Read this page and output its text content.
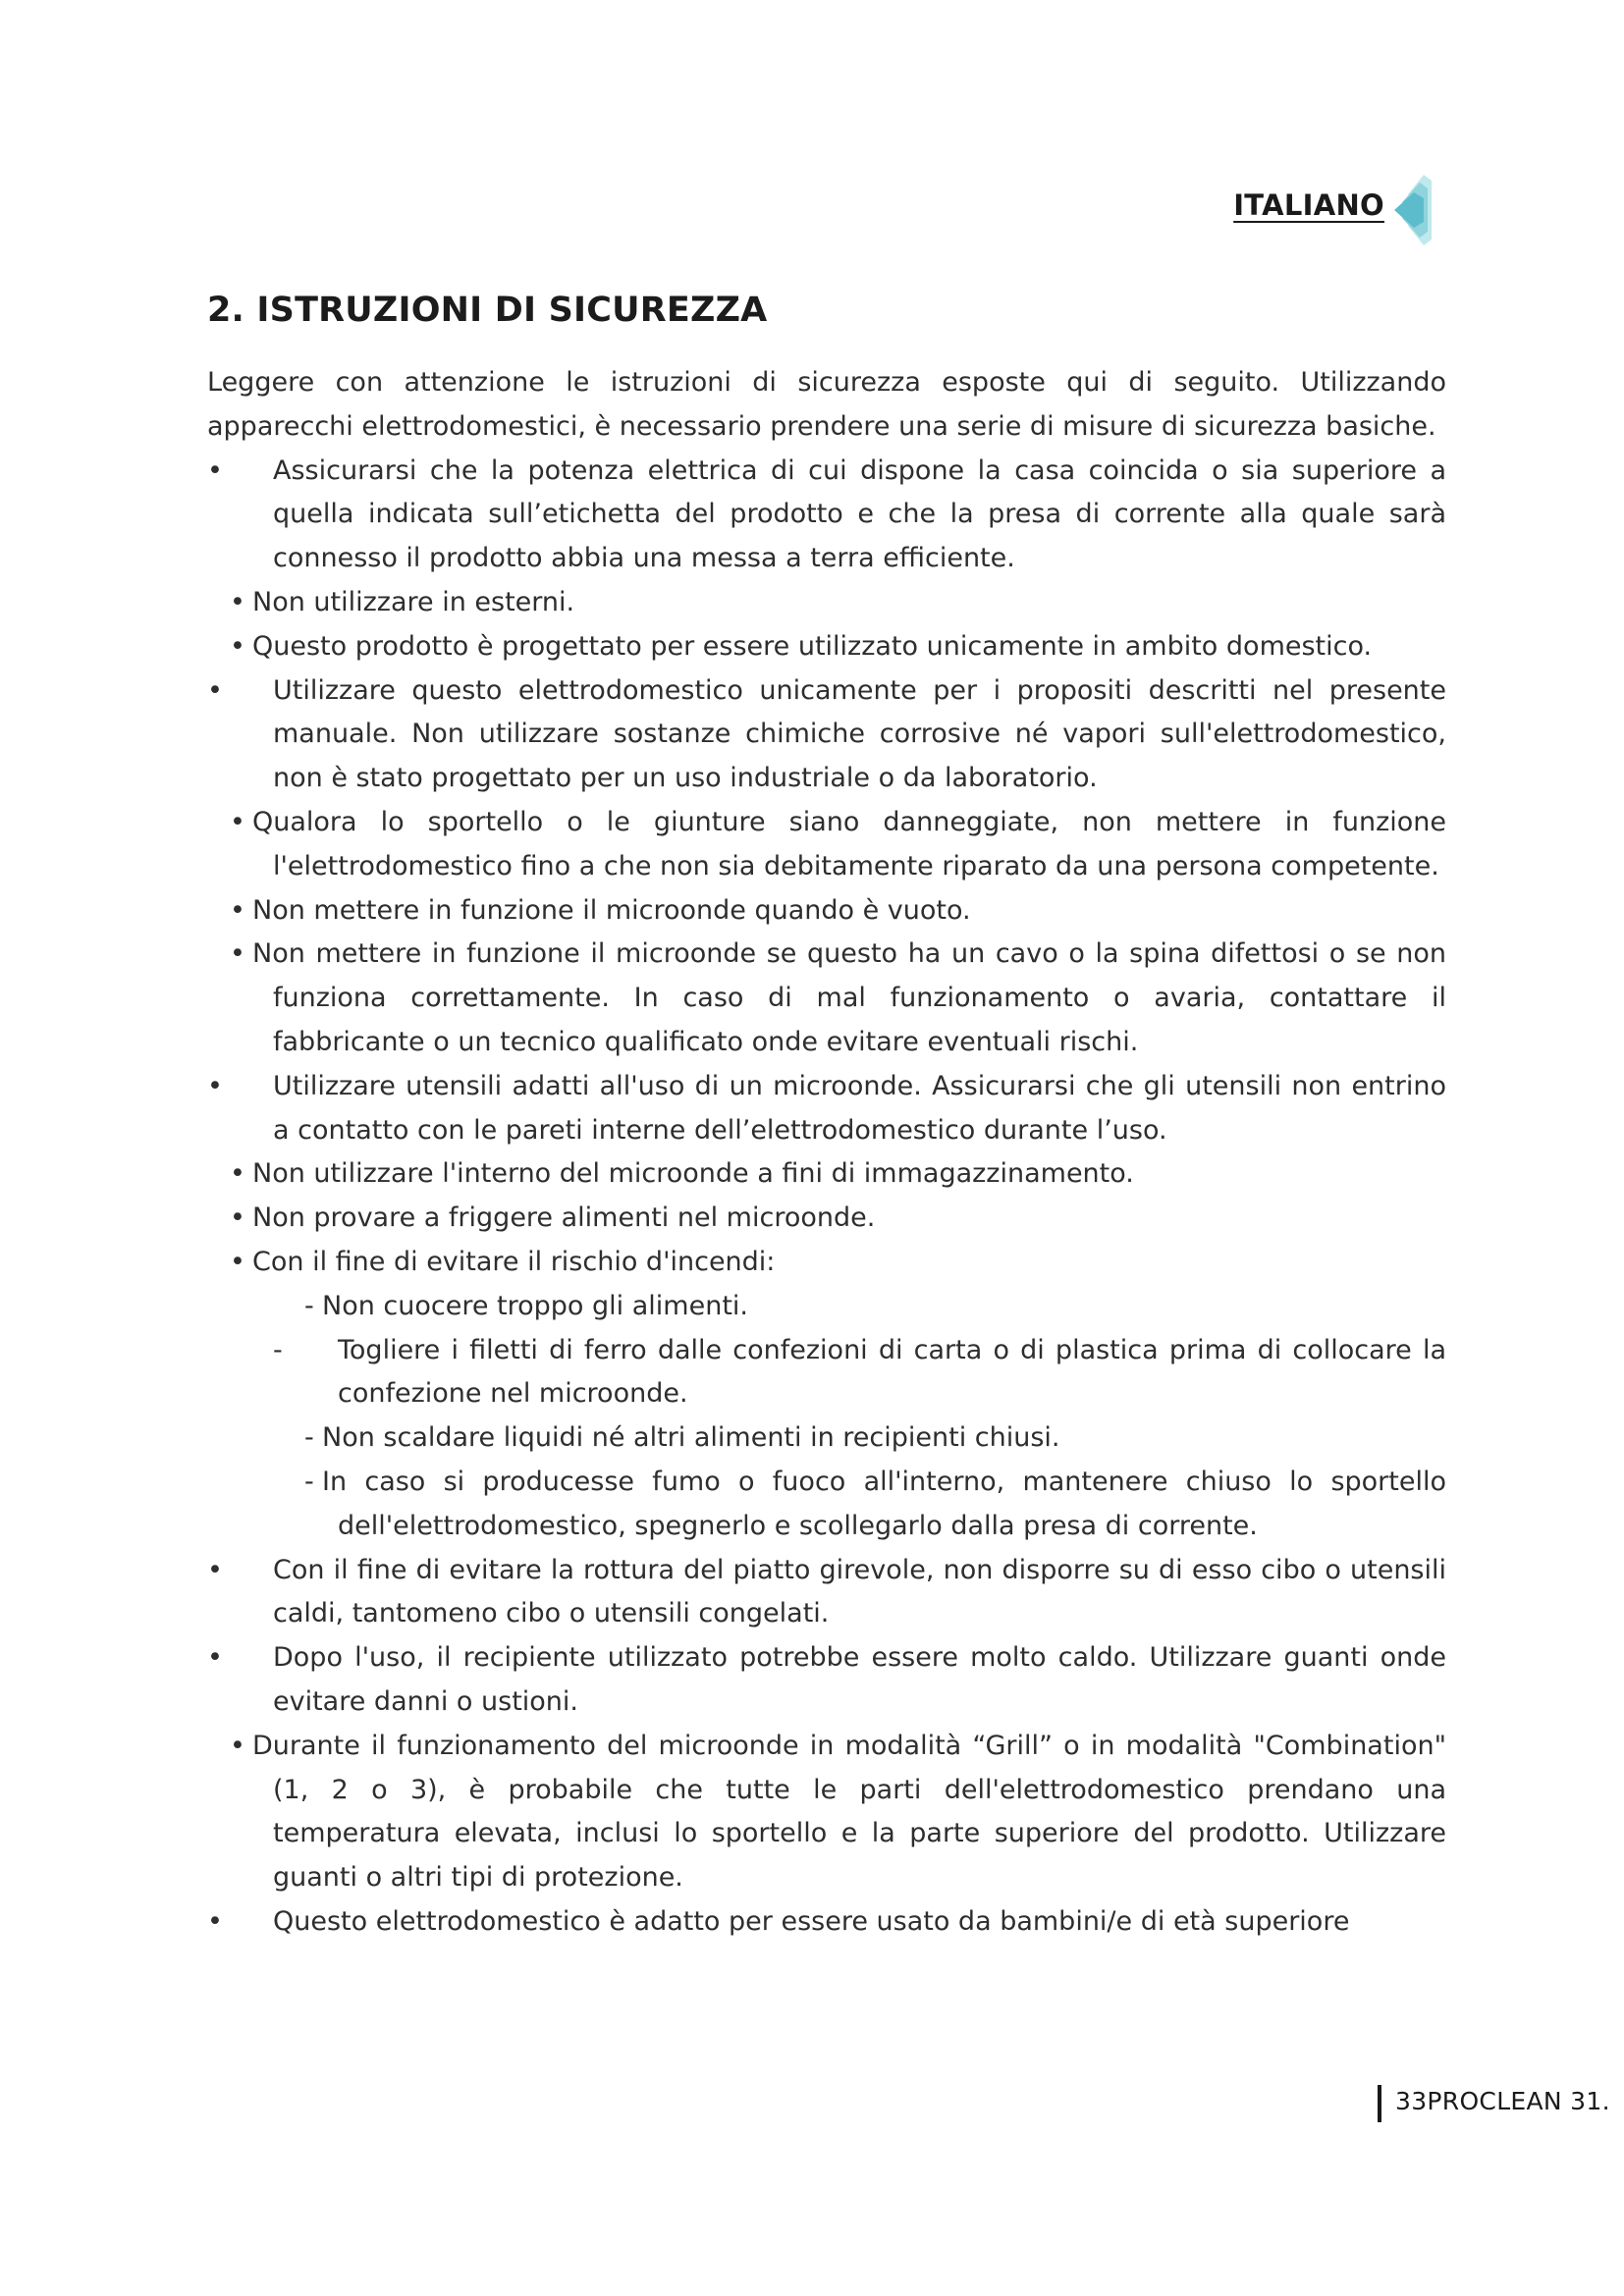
ITALIANO
2. ISTRUZIONI DI SICUREZZA

Leggere con attenzione le istruzioni di sicurezza esposte qui di seguito. Utilizzando apparecchi elettrodomestici, è necessario prendere una serie di misure di sicurezza basiche.

• Assicurarsi che la potenza elettrica di cui dispone la casa coincida o sia superiore a quella indicata sull’etichetta del prodotto e che la presa di corrente alla quale sarà connesso il prodotto abbia una messa a terra efficiente.

• Non utilizzare in esterni.

• Questo prodotto è progettato per essere utilizzato unicamente in ambito domestico.

• Utilizzare questo elettrodomestico unicamente per i propositi descritti nel presente manuale. Non utilizzare sostanze chimiche corrosive né vapori sull'elettrodomestico, non è stato progettato per un uso industriale o da laboratorio.

• Qualora lo sportello o le giunture siano danneggiate, non mettere in funzione l'elettrodomestico fino a che non sia debitamente riparato da una persona competente.

• Non mettere in funzione il microonde quando è vuoto.

• Non mettere in funzione il microonde se questo ha un cavo o la spina difettosi o se non funziona correttamente. In caso di mal funzionamento o avaria, contattare il fabbricante o un tecnico qualificato onde evitare eventuali rischi.

• Utilizzare utensili adatti all'uso di un microonde. Assicurarsi che gli utensili non entrino a contatto con le pareti interne dell’elettrodomestico durante l’uso.

• Non utilizzare l'interno del microonde a fini di immagazzinamento.

• Non provare a friggere alimenti nel microonde.

• Con il fine di evitare il rischio d'incendi:

- Non cuocere troppo gli alimenti.

- Togliere i filetti di ferro dalle confezioni di carta o di plastica prima di collocare la confezione nel microonde.

- Non scaldare liquidi né altri alimenti in recipienti chiusi.

- In caso si producesse fumo o fuoco all'interno, mantenere chiuso lo sportello dell'elettrodomestico, spegnerlo e scollegarlo dalla presa di corrente.

• Con il fine di evitare la rottura del piatto girevole, non disporre su di esso cibo o utensili caldi, tantomeno cibo o utensili congelati.

• Dopo l'uso, il recipiente utilizzato potrebbe essere molto caldo. Utilizzare guanti onde evitare danni o ustioni.

• Durante il funzionamento del microonde in modalità “Grill” o in modalità "Combination" (1, 2 o 3), è probabile che tutte le parti dell'elettrodomestico prendano una temperatura elevata, inclusi lo sportello e la parte superiore del prodotto. Utilizzare guanti o altri tipi di protezione.

• Questo elettrodomestico è adatto per essere usato da bambini/e di età superiore

33PROCLEAN 31.
